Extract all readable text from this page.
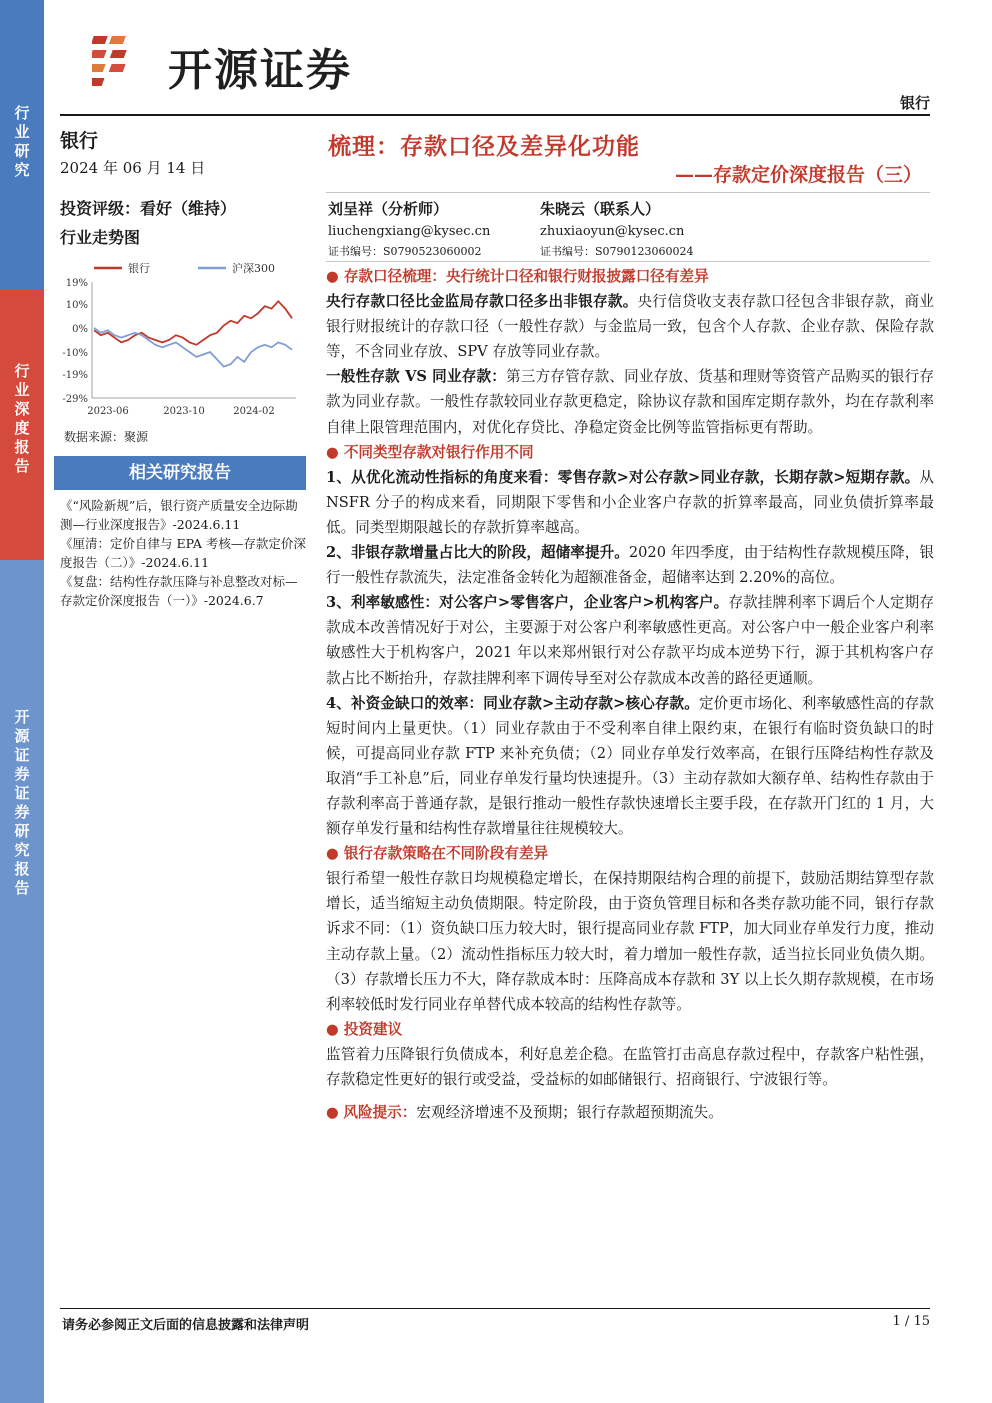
行业研究
行业深度报告
开源证券 证券研究报告
开源证券
银行
银行
2024 年 06 月 14 日
投资评级：看好（维持）
行业走势图
19%
10%
0%
-10%
-19%
-29%
2023-06	2023-10	2024-02
银行	沪深300
数据来源：聚源
相关研究报告
《“风险新规”后，银行资产质量安全边际勘测—行业深度报告》-2024.6.11
《厘清：定价自律与 EPA 考核—存款定价深度报告（二）》-2024.6.11
《复盘：结构性存款压降与补息整改对标—存款定价深度报告（一）》-2024.6.7
梳理：存款口径及差异化功能
——存款定价深度报告（三）
刘呈祥（分析师）
liuchengxiang@kysec.cn
证书编号：S0790523060002
朱晓云（联系人）
zhuxiaoyun@kysec.cn
证书编号：S0790123060024

● 存款口径梳理：央行统计口径和银行财报披露口径有差异

央行存款口径比金监局存款口径多出非银存款。央行信贷收支表存款口径包含非银存款，商业银行财报统计的存款口径（一般性存款）与金监局一致，包含个人存款、企业存款、保险存款等，不含同业存放、SPV 存放等同业存款。

一般性存款 VS 同业存款：第三方存管存款、同业存放、货基和理财等资管产品购买的银行存款为同业存款。一般性存款较同业存款更稳定，除协议存款和国库定期存款外，均在存款利率自律上限管理范围内，对优化存贷比、净稳定资金比例等监管指标更有帮助。

● 不同类型存款对银行作用不同

1、从优化流动性指标的角度来看：零售存款>对公存款>同业存款，长期存款>短期存款。从 NSFR 分子的构成来看，同期限下零售和小企业客户存款的折算率最高，同业负债折算率最低。同类型期限越长的存款折算率越高。

2、非银存款增量占比大的阶段，超储率提升。2020 年四季度，由于结构性存款规模压降，银行一般性存款流失，法定准备金转化为超额准备金，超储率达到 2.20%的高位。

3、利率敏感性：对公客户>零售客户，企业客户>机构客户。存款挂牌利率下调后个人定期存款成本改善情况好于对公，主要源于对公客户利率敏感性更高。对公客户中一般企业客户利率敏感性大于机构客户，2021 年以来郑州银行对公存款平均成本逆势下行，源于其机构客户存款占比不断抬升，存款挂牌利率下调传导至对公存款成本改善的路径更通顺。

4、补资金缺口的效率：同业存款>主动存款>核心存款。定价更市场化、利率敏感性高的存款短时间内上量更快。（1）同业存款由于不受利率自律上限约束，在银行有临时资负缺口的时候，可提高同业存款 FTP 来补充负债；（2）同业存单发行效率高，在银行压降结构性存款及取消“手工补息”后，同业存单发行量均快速提升。（3）主动存款如大额存单、结构性存款由于存款利率高于普通存款，是银行推动一般性存款快速增长主要手段，在存款开门红的 1 月，大额存单发行量和结构性存款增量往往规模较大。

● 银行存款策略在不同阶段有差异

银行希望一般性存款日均规模稳定增长，在保持期限结构合理的前提下，鼓励活期结算型存款增长，适当缩短主动负债期限。特定阶段，由于资负管理目标和各类存款功能不同，银行存款诉求不同：（1）资负缺口压力较大时，银行提高同业存款 FTP，加大同业存单发行力度，推动主动存款上量。（2）流动性指标压力较大时，着力增加一般性存款，适当拉长同业负债久期。（3）存款增长压力不大，降存款成本时：压降高成本存款和 3Y 以上长久期存款规模，在市场利率较低时发行同业存单替代成本较高的结构性存款等。

● 投资建议

监管着力压降银行负债成本，利好息差企稳。在监管打击高息存款过程中，存款客户粘性强，存款稳定性更好的银行或受益，受益标的如邮储银行、招商银行、宁波银行等。

● 风险提示：宏观经济增速不及预期；银行存款超预期流失。

请务必参阅正文后面的信息披露和法律声明	1 / 15
